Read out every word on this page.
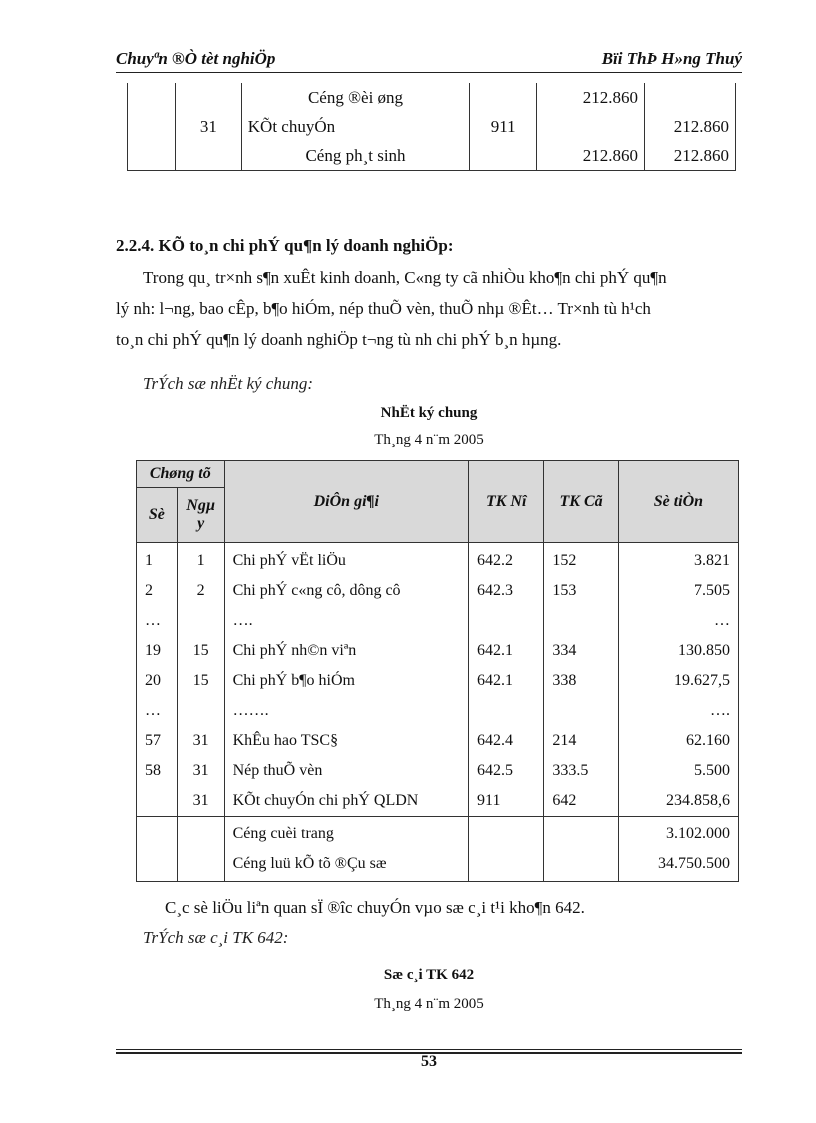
Chuyªn ®Ò tèt nghiÖp	Bïi ThÞ H»ng Thuý
		Céng ®èi øng		212.860	
	31	KÕt chuyÓn	911		212.860
		Céng ph¸t sinh		212.860	212.860
2.2.4. KÕ to¸n chi phÝ qu¶n lý doanh nghiÖp:
Trong qu¸ tr×nh s¶n xuÊt kinh doanh, C«ng ty cã nhiÒu kho¶n chi phÝ qu¶n
lý nh: l¬ng, bao cÊp, b¶o hiÓm, nép thuÕ vèn, thuÕ nhµ ®Êt… Tr×nh tù h¹ch
to¸n chi phÝ qu¶n lý doanh nghiÖp t¬ng tù nh chi phÝ b¸n hµng.
TrÝch sæ nhËt ký chung:
NhËt ký chung
Th¸ng 4 n¨m 2005
Chøng tõ		DiÔn gi¶i	TK Nî	TK Cã	Sè tiÒn
Sè	Ngµ y				
1	1	Chi phÝ vËt liÖu	642.2	152	3.821
2	2	Chi phÝ c«ng cô, dông cô	642.3	153	7.505
…		….			…
19	15	Chi phÝ nh©n viªn	642.1	334	130.850
20	15	Chi phÝ b¶o hiÓm	642.1	338	19.627,5
…		…….			….
57	31	KhÊu hao TSC§	642.4	214	62.160
58	31	Nép thuÕ vèn	642.5	333.5	5.500
	31	KÕt chuyÓn chi phÝ QLDN	911	642	234.858,6
		Céng cuèi trang			3.102.000
		Céng luü kÕ tõ ®Çu sæ			34.750.500
C¸c sè liÖu liªn quan sÏ ®îc chuyÓn vµo sæ c¸i t¹i kho¶n 642.
TrÝch sæ c¸i TK 642:
Sæ c¸i TK 642
Th¸ng 4 n¨m 2005
53
